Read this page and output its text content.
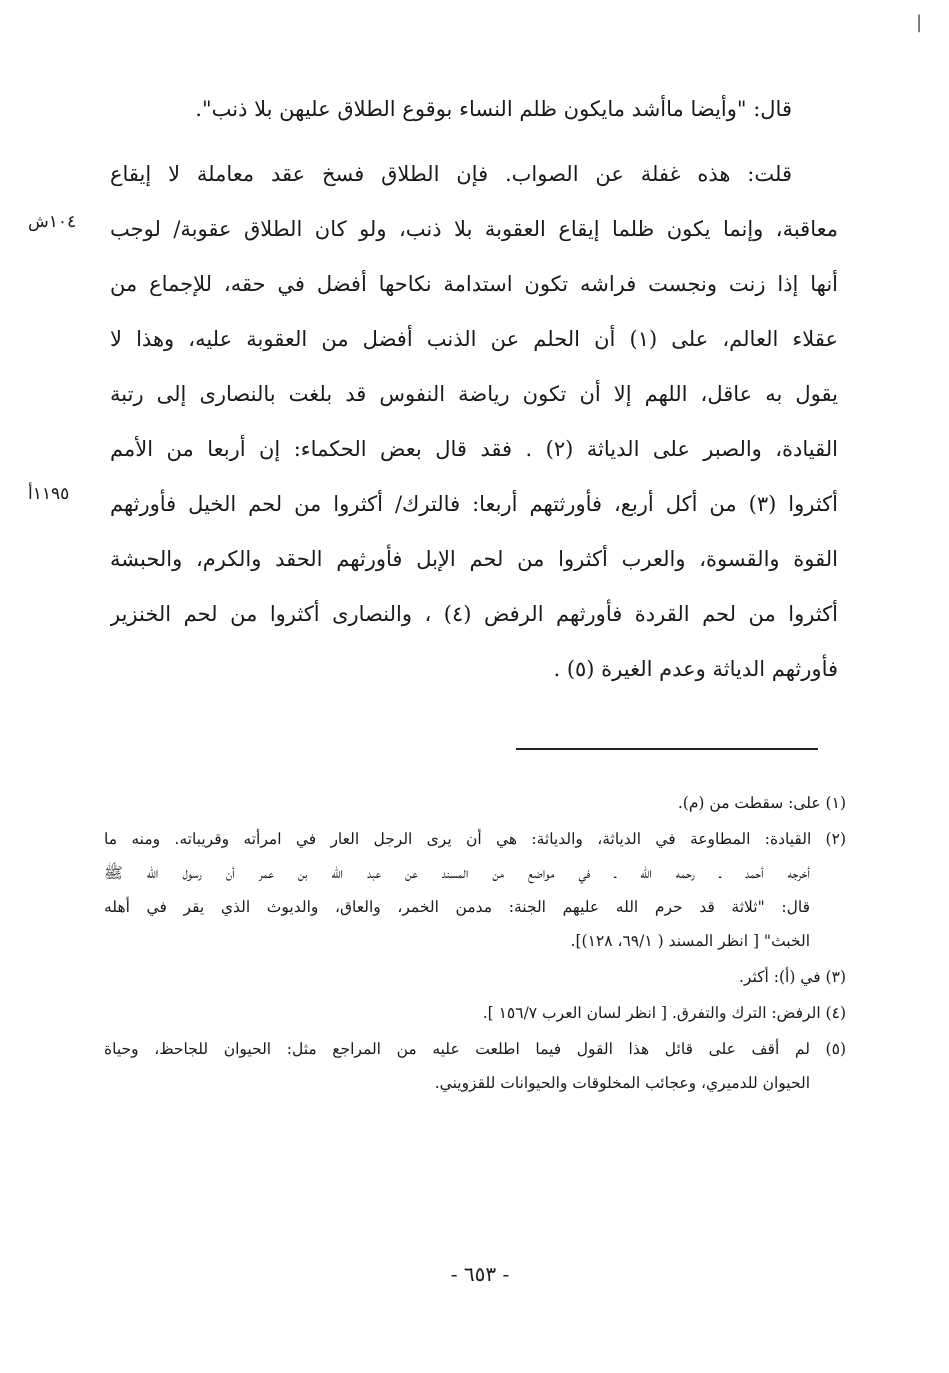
|
قال: "وأيضا ماأشد مايكون ظلم النساء بوقوع الطلاق عليهن بلا ذنب".
قلت: هذه غفلة عن الصواب. فإن الطلاق فسخ عقد معاملة لا إيقاع
معاقبة، وإنما يكون ظلما إيقاع العقوبة بلا ذنب، ولو كان الطلاق عقوبة/ لوجب
أنها إذا زنت ونجست فراشه تكون استدامة نكاحها أفضل في حقه، للإجماع من
عقلاء العالم، على (١) أن الحلم عن الذنب أفضل من العقوبة عليه، وهذا لا
يقول به عاقل، اللهم إلا أن تكون رياضة النفوس قد بلغت بالنصارى إلى رتبة
القيادة، والصبر على الدياثة (٢) . فقد قال بعض الحكماء: إن أربعا من الأمم
أكثروا (٣) من أكل أربع، فأورثتهم أربعا: فالترك/ أكثروا من لحم الخيل فأورثهم
القوة والقسوة، والعرب أكثروا من لحم الإبل فأورثهم الحقد والكرم، والحبشة
أكثروا من لحم القردة فأورثهم الرفض (٤) ، والنصارى أكثروا من لحم الخنزير
فأورثهم الدياثة وعدم الغيرة (٥) .
١٠٤ش
١١٩٥أ
(١) على: سقطت من (م).
(٢) القيادة: المطاوعة في الدياثة، والدياثة: هي أن يرى الرجل العار في امرأته وقريباته. ومنه ما
أخرجه أحمد ـ رحمه الله ـ في مواضع من المسند عن عبد الله بن عمر أن رسول الله ﷺ
قال: "ثلاثة قد حرم الله عليهم الجنة: مدمن الخمر، والعاق، والديوث الذي يقر في أهله
الخبث" [ انظر المسند ( ٦٩/١، ١٢٨)].
(٣) في (أ): أكثر.
(٤) الرفض: الترك والتفرق. [ انظر لسان العرب ١٥٦/٧ ].
(٥) لم أقف على قائل هذا القول فيما اطلعت عليه من المراجع مثل: الحيوان للجاحظ، وحياة
الحيوان للدميري، وعجائب المخلوقات والحيوانات للقزويني.
- ٦٥٣ -
